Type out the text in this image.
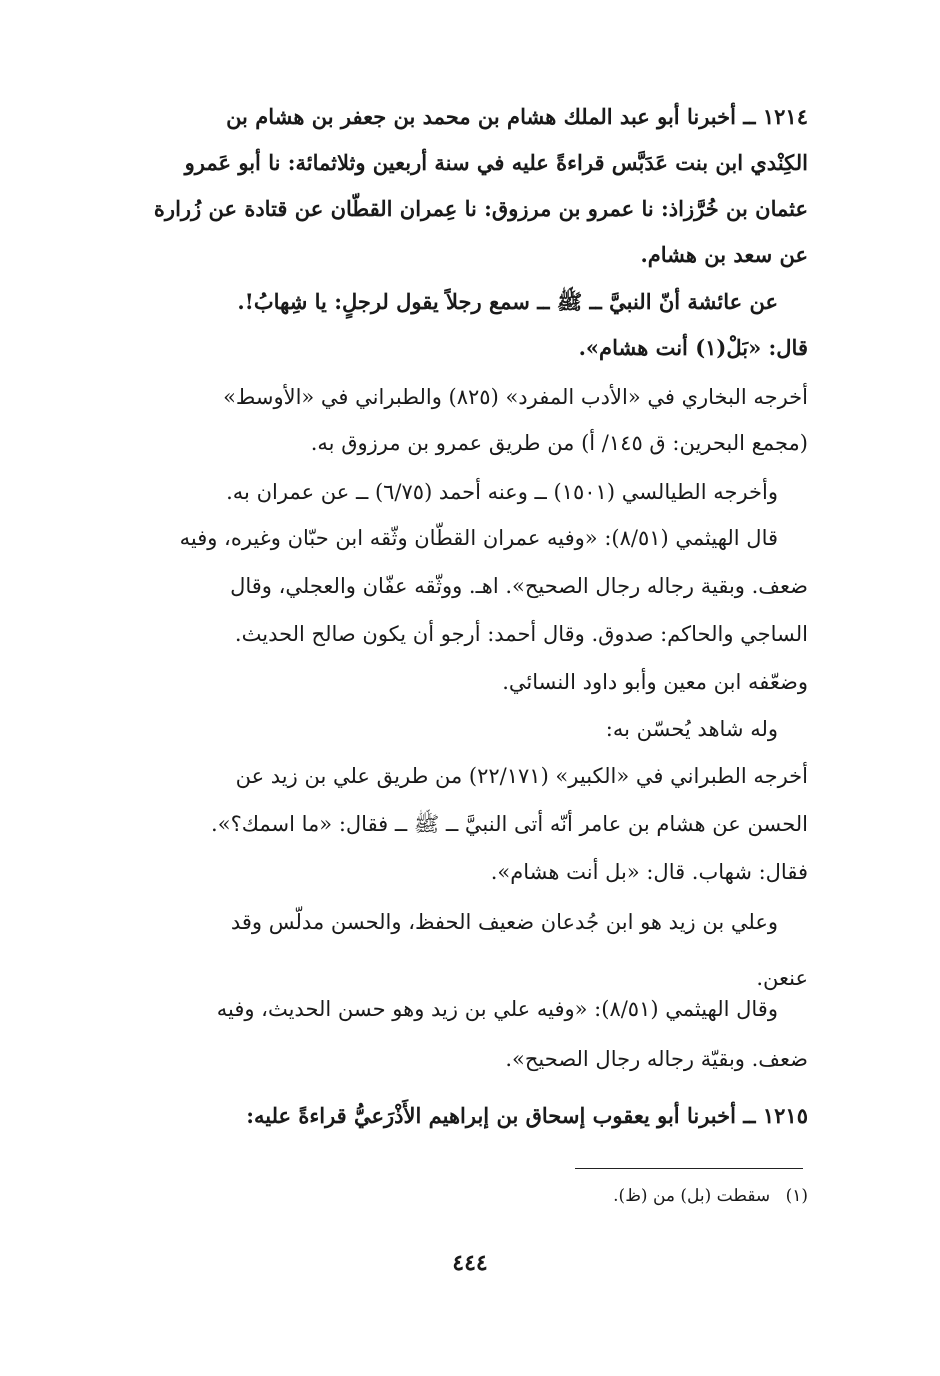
١٢١٤ ــ أخبرنا أبو عبد الملك هشام بن محمد بن جعفر بن هشام بن

الكِنْدي ابن بنت عَدَبَّس قراءةً عليه في سنة أربعين وثلاثمائة: نا أبو عَمرو

عثمان بن خُرَّزاذ: نا عمرو بن مرزوق: نا عِمران القطّان عن قتادة عن زُرارة

عن سعد بن هشام.

عن عائشة أنّ النبيَّ ــ ﷺ ــ سمع رجلاً يقول لرجلٍ: يا شِهابُ!.

قال: «بَلْ(١) أنت هشام».

أخرجه البخاري في «الأدب المفرد» (٨٢٥) والطبراني في «الأوسط»

(مجمع البحرين: ق ١٤٥/ أ) من طريق عمرو بن مرزوق به.

وأخرجه الطيالسي (١٥٠١) ــ وعنه أحمد (٦/٧٥) ــ عن عمران به.

قال الهيثمي (٨/٥١): «وفيه عمران القطّان وثّقه ابن حبّان وغيره، وفيه

ضعف. وبقية رجاله رجال الصحيح». اهـ. ووثّقه عفّان والعجلي، وقال

الساجي والحاكم: صدوق. وقال أحمد: أرجو أن يكون صالح الحديث.

وضعّفه ابن معين وأبو داود النسائي.

وله شاهد يُحسّن به:

أخرجه الطبراني في «الكبير» (٢٢/١٧١) من طريق علي بن زيد عن

الحسن عن هشام بن عامر أنّه أتى النبيَّ ــ ﷺ ــ فقال: «ما اسمك؟».

فقال: شهاب. قال: «بل أنت هشام».

وعلي بن زيد هو ابن جُدعان ضعيف الحفظ، والحسن مدلّس وقد

عنعن.

وقال الهيثمي (٨/٥١): «وفيه علي بن زيد وهو حسن الحديث، وفيه

ضعف. وبقيّة رجاله رجال الصحيح».

١٢١٥ ــ أخبرنا أبو يعقوب إسحاق بن إبراهيم الأَذْرَعيُّ قراءةً عليه:

(١) سقطت (بل) من (ظ).
٤٤٤
